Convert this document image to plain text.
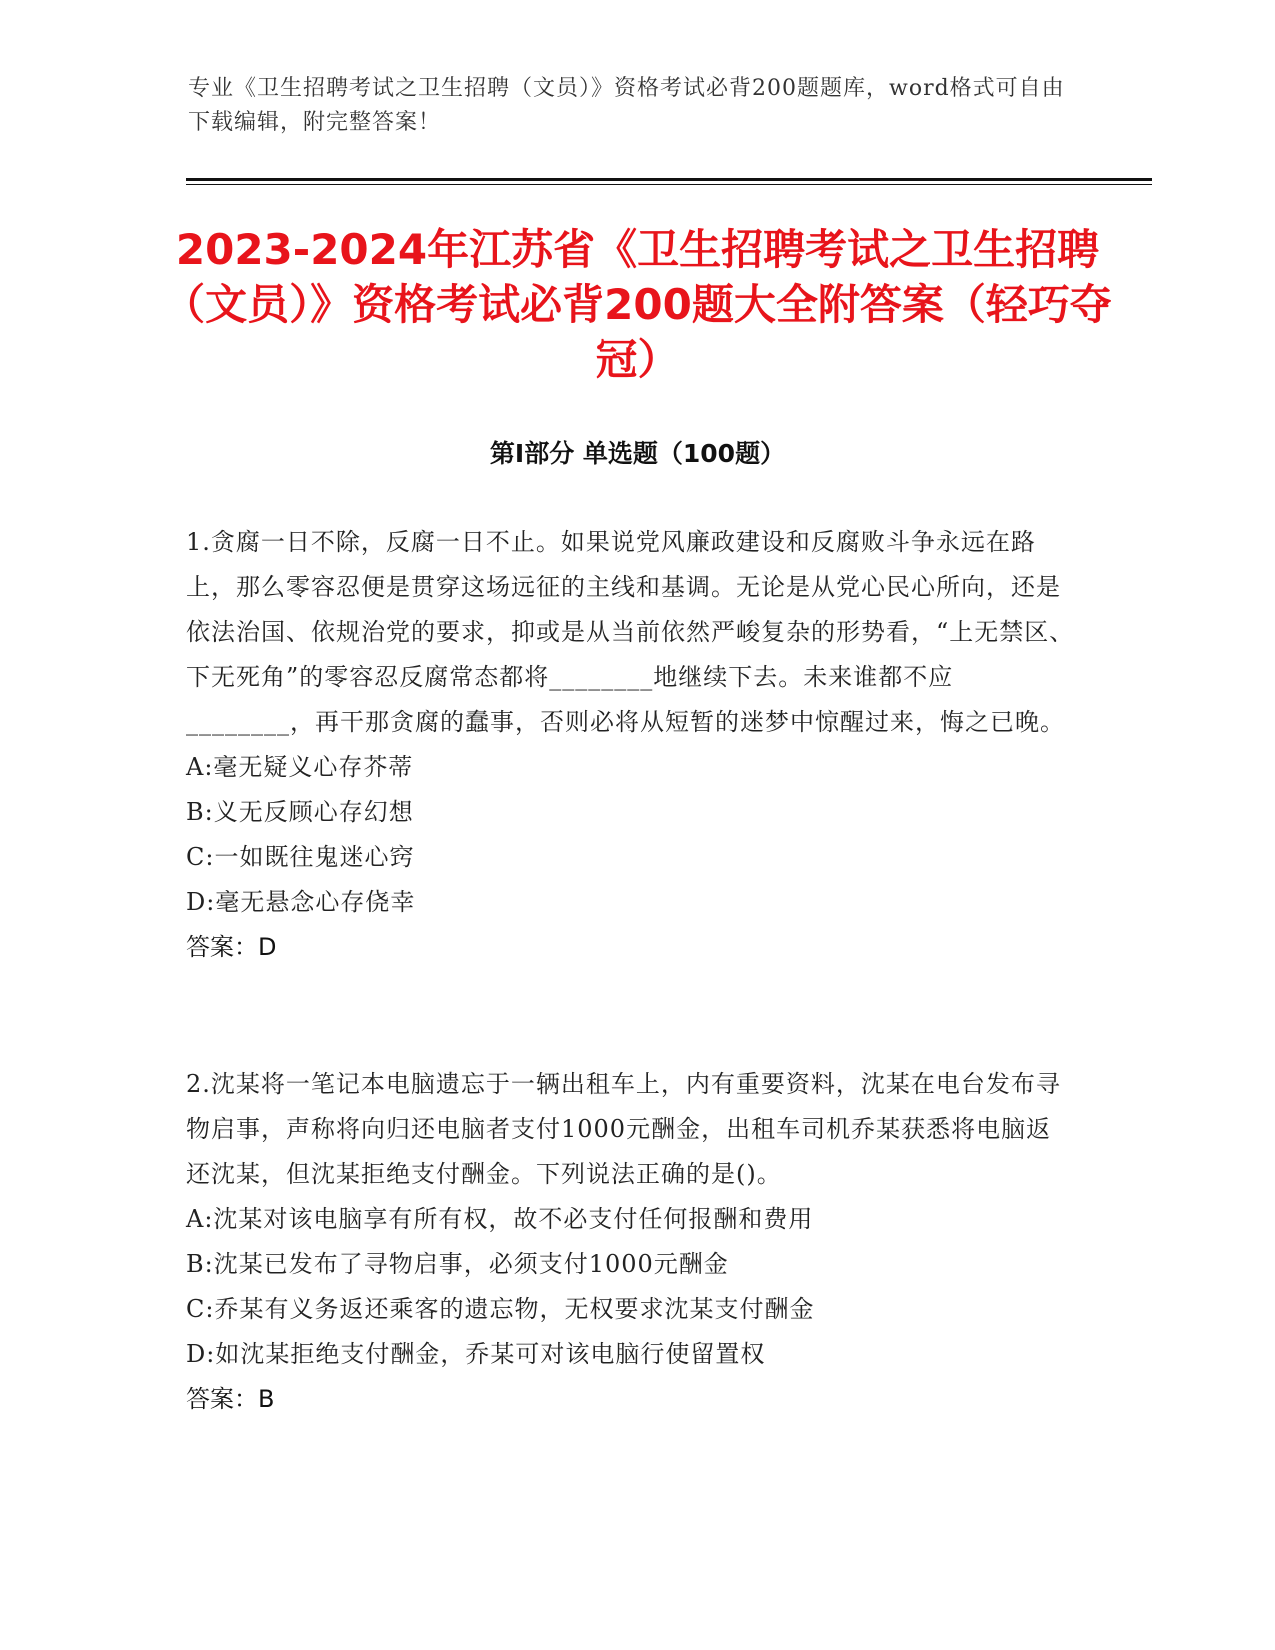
专业《卫生招聘考试之卫生招聘（文员）》资格考试必背200题题库，word格式可自由下载编辑，附完整答案！
2023-2024年江苏省《卫生招聘考试之卫生招聘（文员）》资格考试必背200题大全附答案（轻巧夺冠）
第Ⅰ部分 单选题（100题）

1.贪腐一日不除，反腐一日不止。如果说党风廉政建设和反腐败斗争永远在路上，那么零容忍便是贯穿这场远征的主线和基调。无论是从党心民心所向，还是依法治国、依规治党的要求，抑或是从当前依然严峻复杂的形势看，“上无禁区、下无死角”的零容忍反腐常态都将________地继续下去。未来谁都不应________，再干那贪腐的蠢事，否则必将从短暂的迷梦中惊醒过来，悔之已晚。

A:毫无疑义心存芥蒂
B:义无反顾心存幻想
C:一如既往鬼迷心窍
D:毫无悬念心存侥幸
答案：D

2.沈某将一笔记本电脑遗忘于一辆出租车上，内有重要资料，沈某在电台发布寻物启事，声称将向归还电脑者支付1000元酬金，出租车司机乔某获悉将电脑返还沈某，但沈某拒绝支付酬金。下列说法正确的是()。

A:沈某对该电脑享有所有权，故不必支付任何报酬和费用
B:沈某已发布了寻物启事，必须支付1000元酬金
C:乔某有义务返还乘客的遗忘物，无权要求沈某支付酬金
D:如沈某拒绝支付酬金，乔某可对该电脑行使留置权
答案：B
